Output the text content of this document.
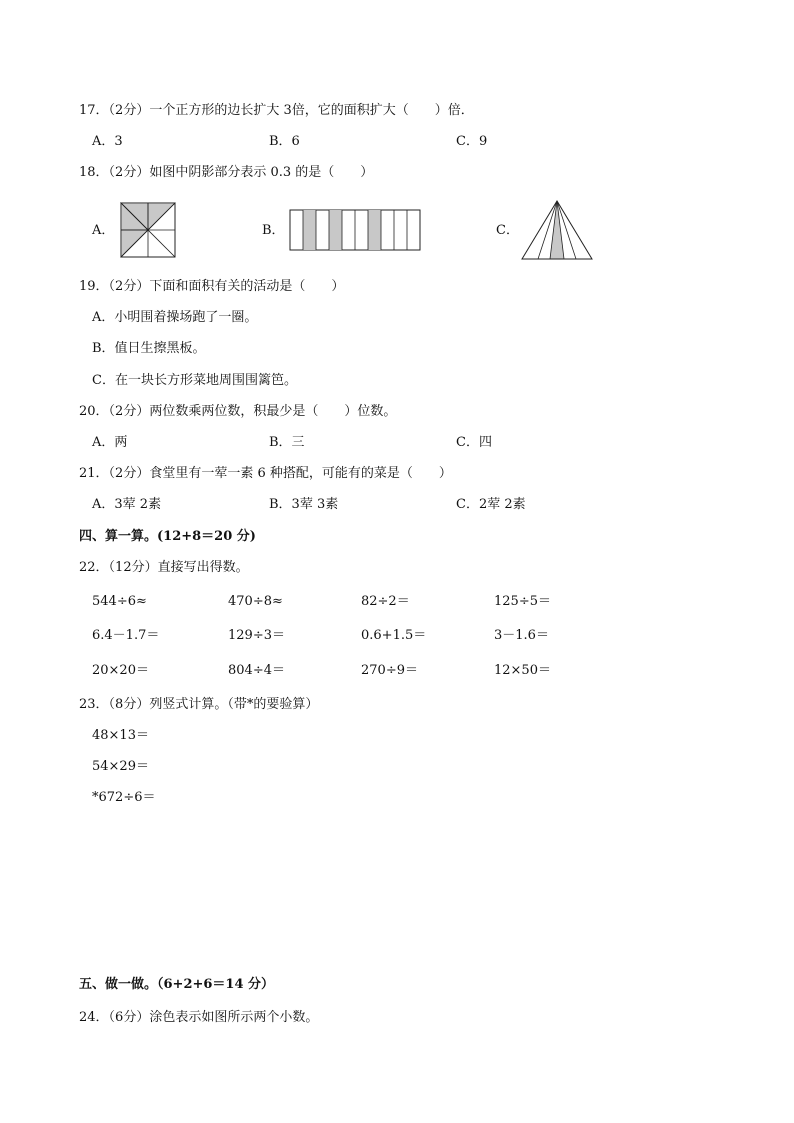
17．（2分）一个正方形的边长扩大 3倍，它的面积扩大（　　）倍．
A．3	B．6	C．9
18．（2分）如图中阴影部分表示 0.3 的是（　　）
A．	B．	C．
19．（2分）下面和面积有关的活动是（　　）
A．小明围着操场跑了一圈。
B．值日生擦黑板。
C．在一块长方形菜地周围围篱笆。
20．（2分）两位数乘两位数，积最少是（　　）位数。
A．两	B．三	C．四
21．（2分）食堂里有一荤一素 6 种搭配，可能有的菜是（　　）
A．3荤 2素	B．3荤 3素	C．2荤 2素
四、算一算。(12+8＝20 分)
22．（12分）直接写出得数。
544÷6≈	470÷8≈	82÷2＝	125÷5＝
6.4－1.7＝	129÷3＝	0.6+1.5＝	3－1.6＝
20×20＝	804÷4＝	270÷9＝	12×50＝
23．（8分）列竖式计算。（带*的要验算）
48×13＝
54×29＝
*672÷6＝
五、做一做。（6+2+6＝14 分）
24．（6分）涂色表示如图所示两个小数。
